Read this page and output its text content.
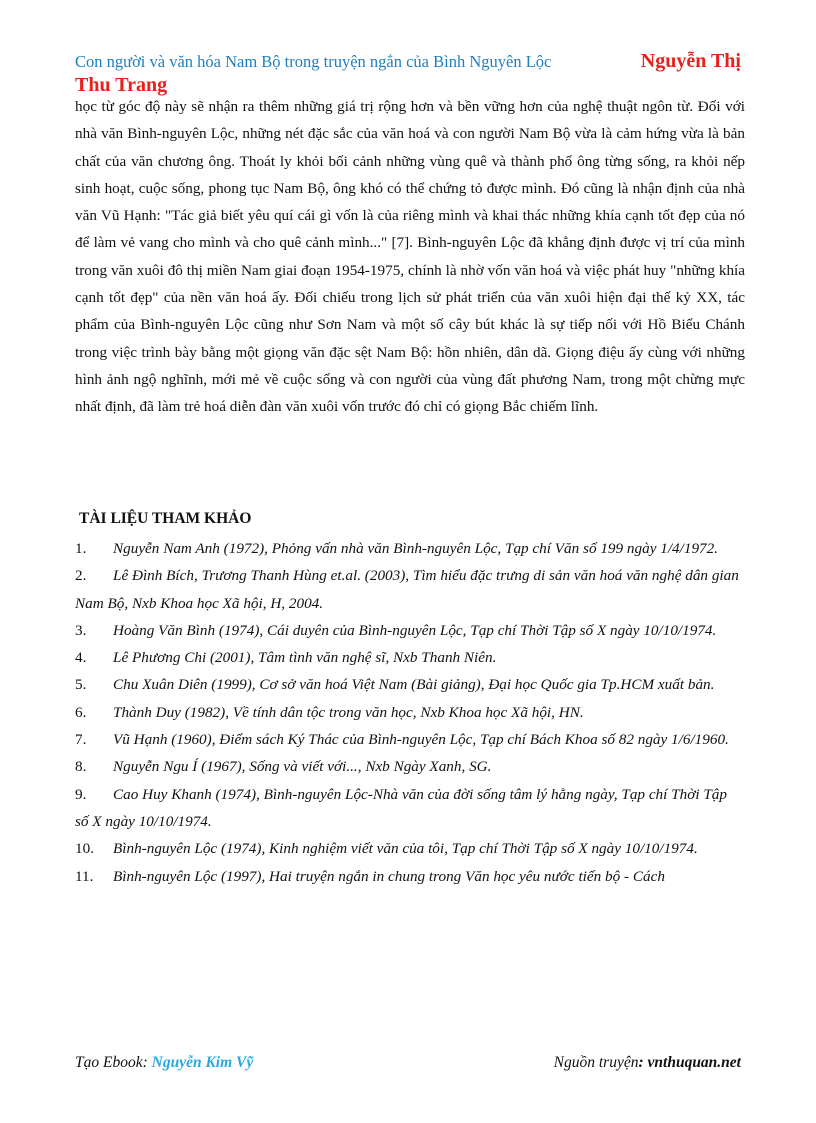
Con người và văn hóa Nam Bộ trong truyện ngắn của Bình Nguyên Lộc	Nguyễn Thị
Thu Trang

học từ góc độ này sẽ nhận ra thêm những giá trị rộng hơn và bền vững hơn của nghệ thuật ngôn từ. Đối với nhà văn Bình-nguyên Lộc, những nét đặc sắc của văn hoá và con người Nam Bộ vừa là cảm hứng vừa là bản chất của văn chương ông. Thoát ly khỏi bối cảnh những vùng quê và thành phố ông từng sống, ra khỏi nếp sinh hoạt, cuộc sống, phong tục Nam Bộ, ông khó có thể chứng tỏ được mình. Đó cũng là nhận định của nhà văn Vũ Hạnh: "Tác giả biết yêu quí cái gì vốn là của riêng mình và khai thác những khía cạnh tốt đẹp của nó để làm vẻ vang cho mình và cho quê cảnh mình..." [7]. Bình-nguyên Lộc đã khẳng định được vị trí của mình trong văn xuôi đô thị miền Nam giai đoạn 1954-1975, chính là nhờ vốn văn hoá và việc phát huy "những khía cạnh tốt đẹp" của nền văn hoá ấy. Đối chiếu trong lịch sử phát triển của văn xuôi hiện đại thế kỷ XX, tác phẩm của Bình-nguyên Lộc cũng như Sơn Nam và một số cây bút khác là sự tiếp nối với Hồ Biểu Chánh trong việc trình bày bằng một giọng văn đặc sệt Nam Bộ: hồn nhiên, dân dã. Giọng điệu ấy cùng với những hình ảnh ngộ nghĩnh, mới mẻ về cuộc sống và con người của vùng đất phương Nam, trong một chừng mực nhất định, đã làm trẻ hoá diễn đàn văn xuôi vốn trước đó chỉ có giọng Bắc chiếm lĩnh.

TÀI LIỆU THAM KHẢO
1. Nguyễn Nam Anh (1972), Phỏng vấn nhà văn Bình-nguyên Lộc, Tạp chí Văn số 199 ngày 1/4/1972.
2. Lê Đình Bích, Trương Thanh Hùng et.al. (2003), Tìm hiểu đặc trưng di sản văn hoá văn nghệ dân gian Nam Bộ, Nxb Khoa học Xã hội, H, 2004.
3. Hoàng Văn Bình (1974), Cái duyên của Bình-nguyên Lộc, Tạp chí Thời Tập số X ngày 10/10/1974.
4. Lê Phương Chi (2001), Tâm tình văn nghệ sĩ, Nxb Thanh Niên.
5. Chu Xuân Diên (1999), Cơ sở văn hoá Việt Nam (Bài giảng), Đại học Quốc gia Tp.HCM xuất bản.
6. Thành Duy (1982), Về tính dân tộc trong văn học, Nxb Khoa học Xã hội, HN.
7. Vũ Hạnh (1960), Điểm sách Ký Thác của Bình-nguyên Lộc, Tạp chí Bách Khoa số 82 ngày 1/6/1960.
8. Nguyễn Ngu Í (1967), Sống và viết với..., Nxb Ngày Xanh, SG.
9. Cao Huy Khanh (1974), Bình-nguyên Lộc-Nhà văn của đời sống tâm lý hằng ngày, Tạp chí Thời Tập số X ngày 10/10/1974.
10. Bình-nguyên Lộc (1974), Kinh nghiệm viết văn của tôi, Tạp chí Thời Tập số X ngày 10/10/1974.
11. Bình-nguyên Lộc (1997), Hai truyện ngắn in chung trong Văn học yêu nước tiến bộ - Cách
Tạo Ebook: Nguyễn Kim Vỹ	Nguồn truyện: vnthuquan.net
